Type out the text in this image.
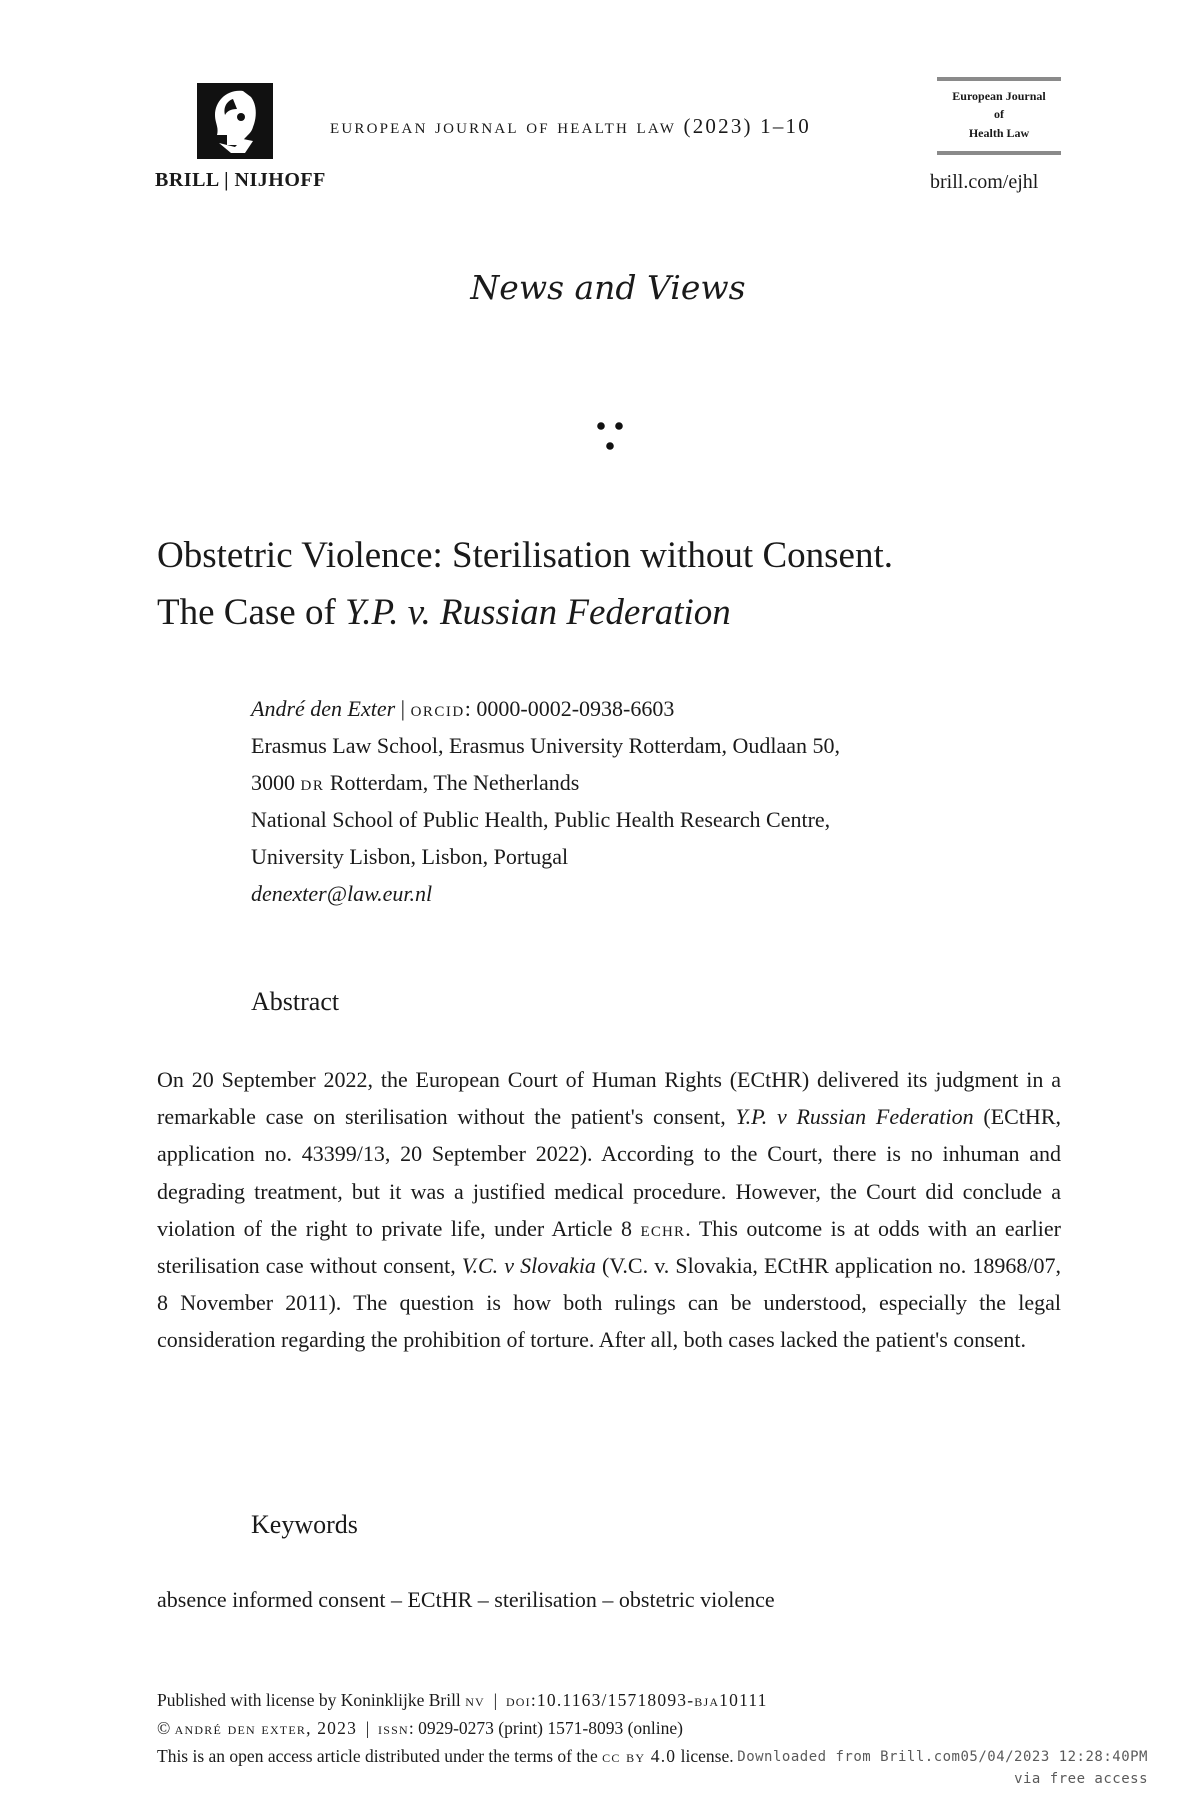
BRILL | NIJHOFF
european journal of health law (2023) 1–10
European Journal
of
Health Law
brill.com/ejhl
News and Views
Obstetric Violence: Sterilisation without Consent.
The Case of Y.P. v. Russian Federation
André den Exter | orcid: 0000-0002-0938-6603
Erasmus Law School, Erasmus University Rotterdam, Oudlaan 50,
3000 dr Rotterdam, The Netherlands
National School of Public Health, Public Health Research Centre,
University Lisbon, Lisbon, Portugal
denexter@law.eur.nl
Abstract
On 20 September 2022, the European Court of Human Rights (ECtHR) delivered its judgment in a remarkable case on sterilisation without the patient's consent, Y.P. v Russian Federation (ECtHR, application no. 43399/13, 20 September 2022). According to the Court, there is no inhuman and degrading treatment, but it was a justified medical procedure. However, the Court did conclude a violation of the right to private life, under Article 8 echr. This outcome is at odds with an earlier sterilisation case without consent, V.C. v Slovakia (V.C. v. Slovakia, ECtHR application no. 18968/07, 8 November 2011). The question is how both rulings can be understood, especially the legal consideration regarding the prohibition of torture. After all, both cases lacked the patient's consent.
Keywords
absence informed consent – ECtHR – sterilisation – obstetric violence
Published with license by Koninklijke Brill nv  |  doi:10.1163/15718093-bja10111
© andré den exter, 2023  |  issn: 0929-0273 (print) 1571-8093 (online)
This is an open access article distributed under the terms of the cc by 4.0 license. Downloaded from Brill.com05/04/2023 12:28:40PM
via free access
